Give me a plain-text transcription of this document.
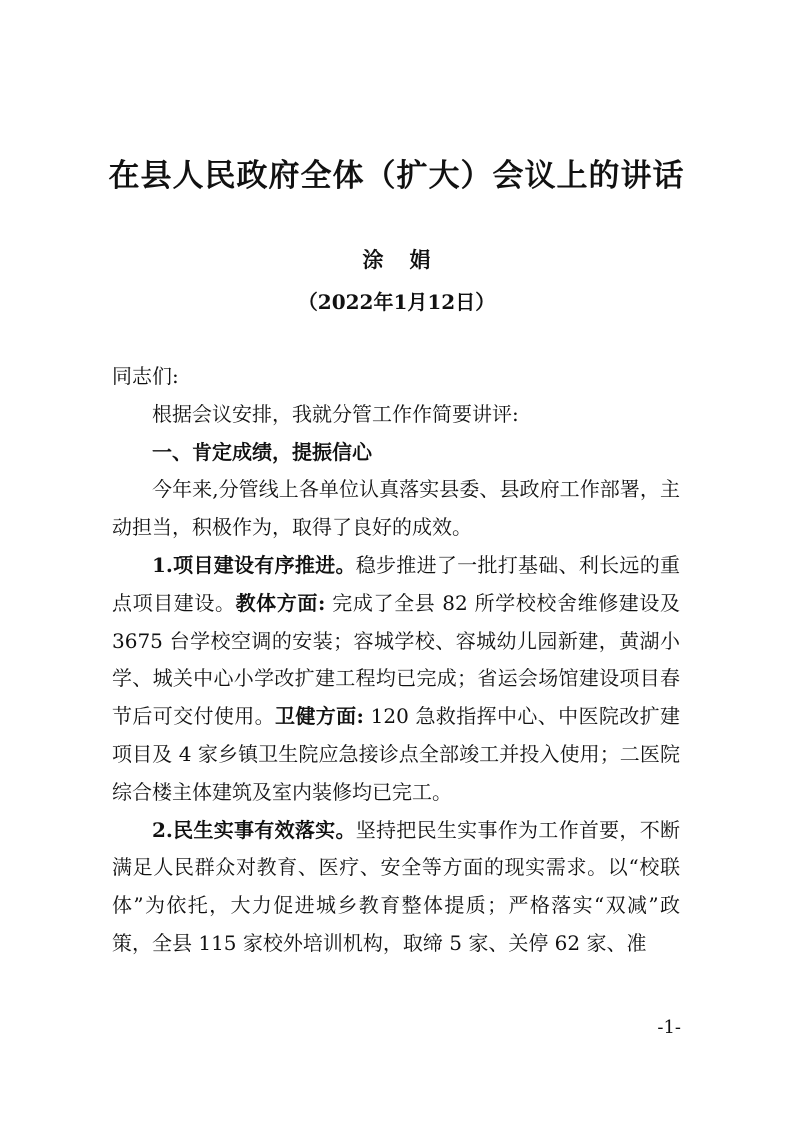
在县人民政府全体（扩大）会议上的讲话
涂娟
（2022年1月12日）

同志们:

根据会议安排，我就分管工作作简要讲评:

一、肯定成绩，提振信心

今年来,分管线上各单位认真落实县委、县政府工作部署，主动担当，积极作为，取得了良好的成效。

1.项目建设有序推进。稳步推进了一批打基础、利长远的重点项目建设。教体方面: 完成了全县 82 所学校校舍维修建设及 3675 台学校空调的安装；容城学校、容城幼儿园新建，黄湖小学、城关中心小学改扩建工程均已完成；省运会场馆建设项目春节后可交付使用。卫健方面: 120 急救指挥中心、中医院改扩建项目及 4 家乡镇卫生院应急接诊点全部竣工并投入使用；二医院综合楼主体建筑及室内装修均已完工。

2.民生实事有效落实。坚持把民生实事作为工作首要，不断满足人民群众对教育、医疗、安全等方面的现实需求。以“校联体”为依托，大力促进城乡教育整体提质；严格落实“双减”政策，全县 115 家校外培训机构，取缔 5 家、关停 62 家、准

-1-
